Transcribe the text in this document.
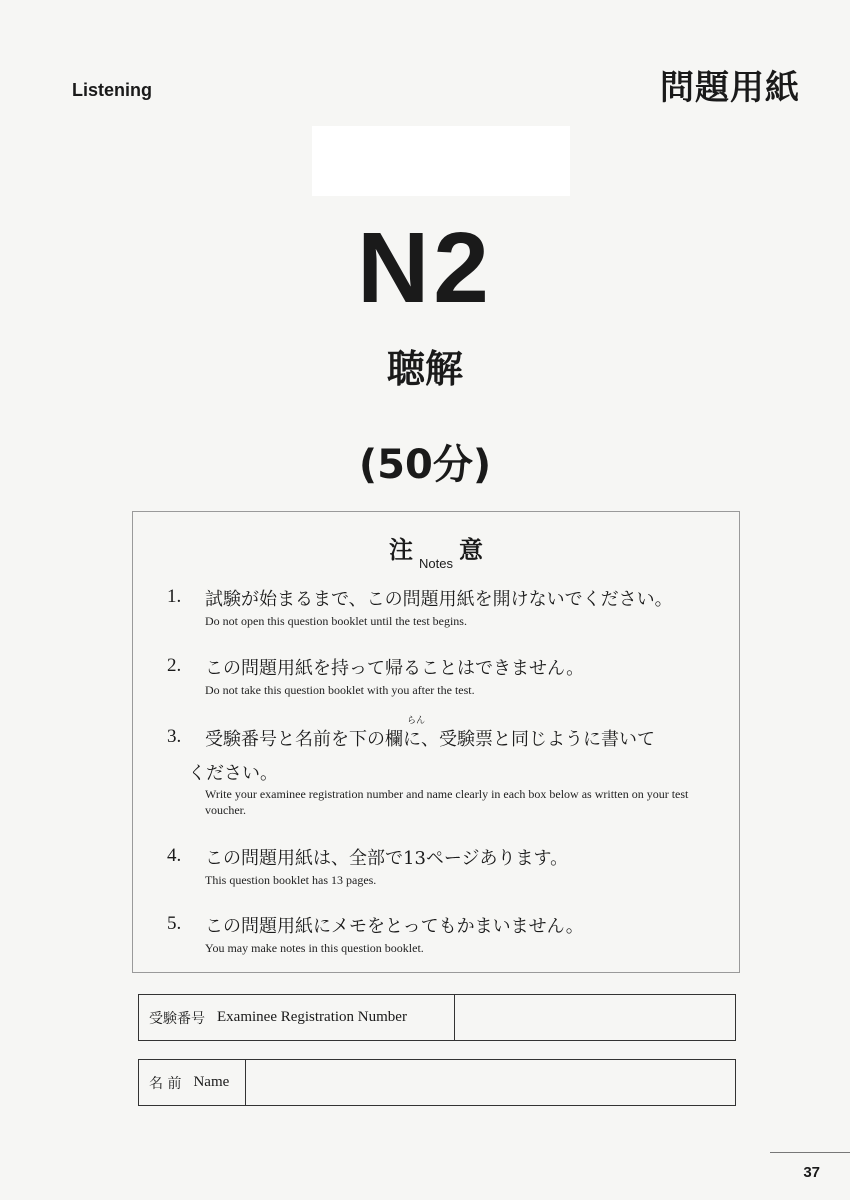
Listening	問題用紙
N2
聴解
(50分)
注 $_{Notes}$ 意
1. 試験が始まるまで、この問題用紙を開けないでください。
Do not open this question booklet until the test begins.
2. この問題用紙を持って帰ることはできません。
Do not take this question booklet with you after the test.
3.
らん
受験番号と名前を下の欄に、受験票と同じように書いて
ください。
Write your examinee registration number and name clearly in each box below as written on your test voucher.
4. この問題用紙は、全部で13ページあります。
This question booklet has 13 pages.
5. この問題用紙にメモをとってもかまいません。
You may make notes in this question booklet.
受験番号 Examinee Registration Number
名 前 Name
37
